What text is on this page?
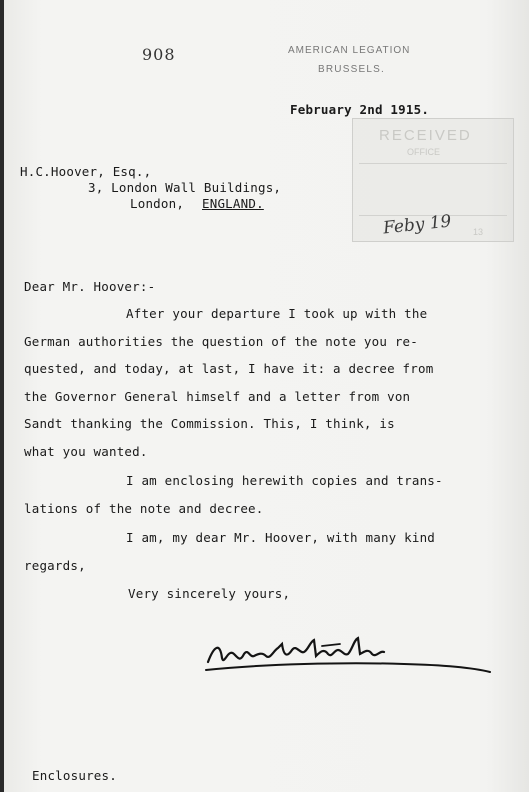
908	AMERICAN LEGATION
BRUSSELS.
February 2nd 1915.
RECEIVED
OFFICE
Feby 19 13
H.C.Hoover, Esq.,
3, London Wall Buildings,
London, ENGLAND.
Dear Mr. Hoover:-
After your departure I took up with the
German authorities the question of the note you re-
quested, and today, at last, I have it: a decree from
the Governor General himself and a letter from von
Sandt thanking the Commission. This, I think, is
what you wanted.
I am enclosing herewith copies and trans-
lations of the note and decree.
I am, my dear Mr. Hoover, with many kind
regards,
Very sincerely yours,
Enclosures.
